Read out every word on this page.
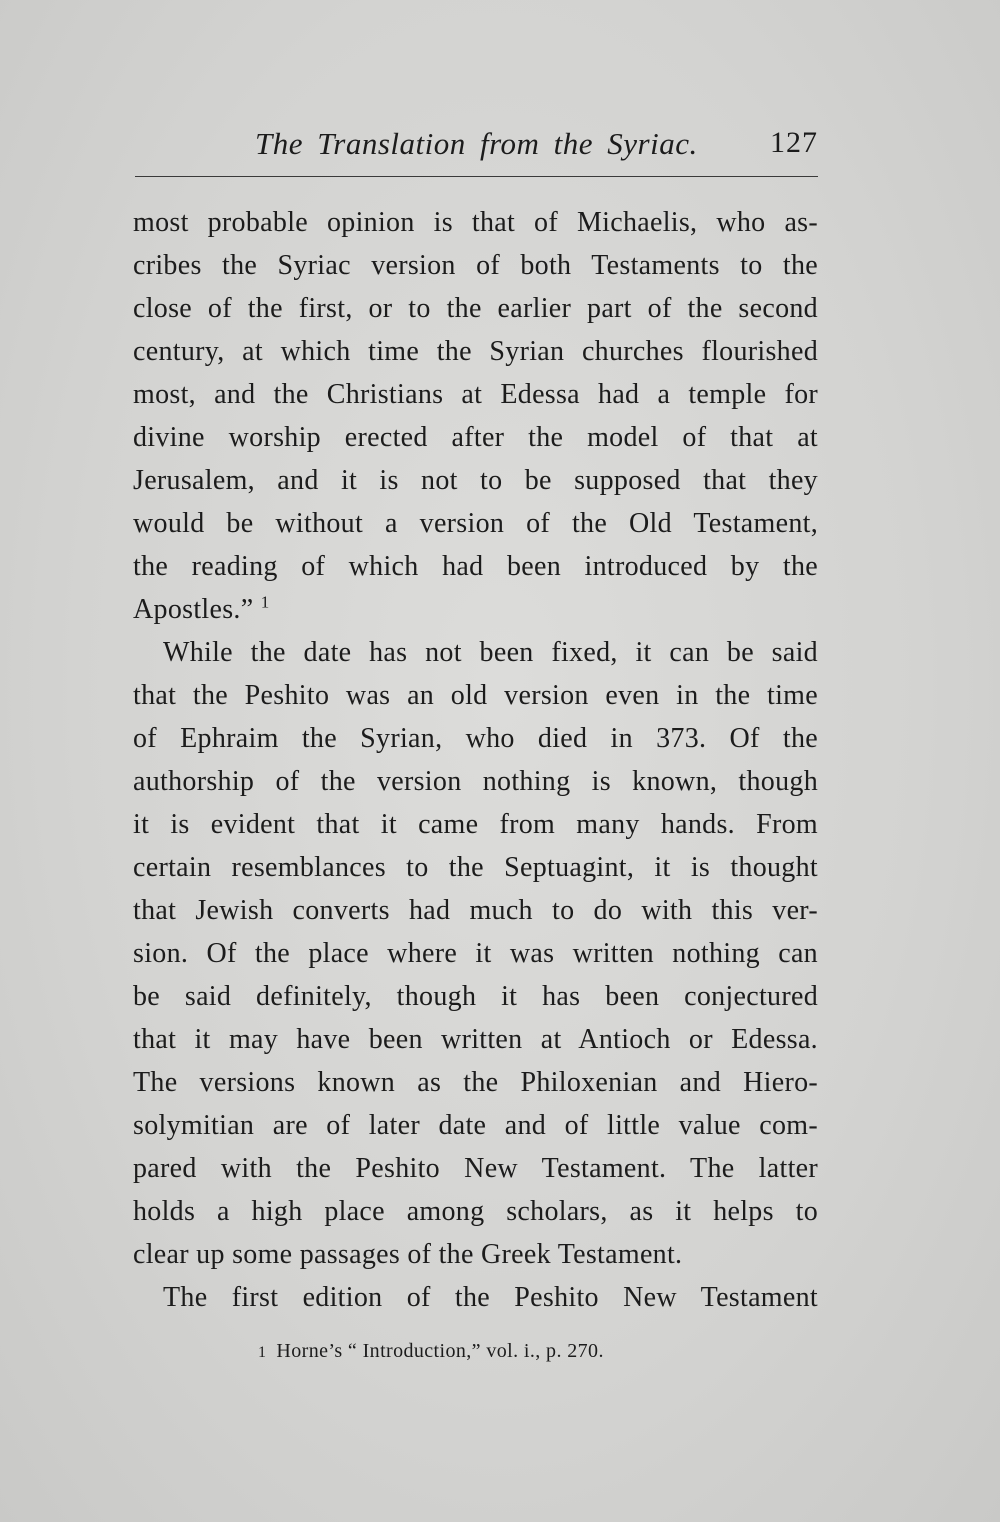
The Translation from the Syriac. 127
most probable opinion is that of Michaelis, who as-
cribes the Syriac version of both Testaments to the
close of the first, or to the earlier part of the second
century, at which time the Syrian churches flourished
most, and the Christians at Edessa had a temple for
divine worship erected after the model of that at
Jerusalem, and it is not to be supposed that they
would be without a version of the Old Testament,
the reading of which had been introduced by the
Apostles.” $^1$
While the date has not been fixed, it can be said
that the Peshito was an old version even in the time
of Ephraim the Syrian, who died in 373. Of the
authorship of the version nothing is known, though
it is evident that it came from many hands. From
certain resemblances to the Septuagint, it is thought
that Jewish converts had much to do with this ver-
sion. Of the place where it was written nothing can
be said definitely, though it has been conjectured
that it may have been written at Antioch or Edessa.
The versions known as the Philoxenian and Hiero-
solymitian are of later date and of little value com-
pared with the Peshito New Testament. The latter
holds a high place among scholars, as it helps to
clear up some passages of the Greek Testament.
The first edition of the Peshito New Testament
1 Horne’s “ Introduction,” vol. i., p. 270.
